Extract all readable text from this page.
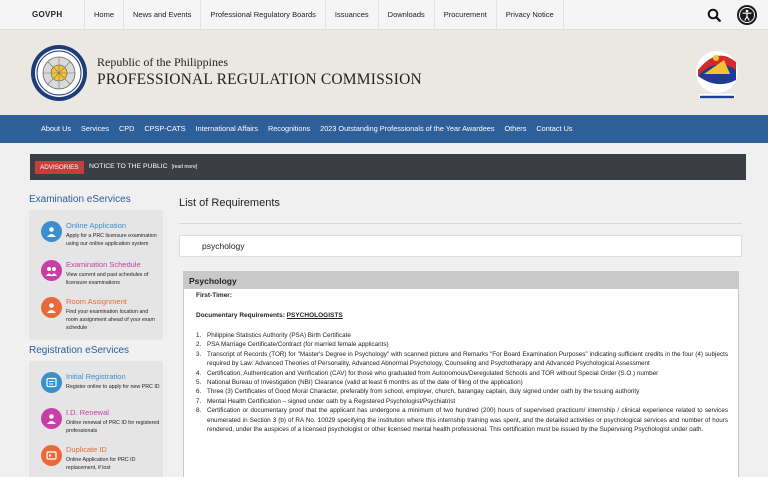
GOVPH	Home	News and Events	Professional Regulatory Boards	Issuances	Downloads	Procurement	Privacy Notice
Republic of the Philippines
PROFESSIONAL REGULATION COMMISSION
About Us	Services	CPD	CPSP-CATS	International Affairs	Recognitions	2023 Outstanding Professionals of the Year Awardees	Others	Contact Us
ADVISORIES	NOTICE TO THE PUBLIC [read more]
Examination eServices
Online Application
Apply for a PRC licensure examination using our online application system
Examination Schedule
View current and past schedules of licensure examinations
Room Assignment
Find your examination location and room assignment ahead of your exam schedule
Registration eServices
Initial Registration
Register online to apply for new PRC ID
I.D. Renewal
Online renewal of PRC ID for registered professionals
Duplicate ID
Online Application for PRC ID replacement, if lost
List of Requirements
psychology
Psychology
First-Timer:
Documentary Requirements: PSYCHOLOGISTS
1. Philippine Statistics Authority (PSA) Birth Certificate
2. PSA Marriage Certificate/Contract (for married female applicants)
3. Transcript of Records (TOR) for "Master's Degree in Psychology" with scanned picture and Remarks "For Board Examination Purposes" indicating sufficient credits in the four (4) subjects required by Law: Advanced Theories of Personality, Advanced Abnormal Psychology, Counseling and Psychotherapy and Advanced Psychological Assessment
4. Certification, Authentication and Verification (CAV) for those who graduated from Autonomous/Deregulated Schools and TOR without Special Order (S.O.) number
5. National Bureau of Investigation (NBI) Clearance (valid at least 6 months as of the date of filing of the application)
6. Three (3) Certificates of Good Moral Character, preferably from school, employer, church, barangay captain, duly signed under oath by the issuing authority
7. Mental Health Certification – signed under oath by a Registered Psychologist/Psychiatrist
8. Certification or documentary proof that the applicant has undergone a minimum of two hundred (200) hours of supervised practicum/ internship / clinical experience related to services enumerated in Section 3 (b) of RA No. 10029 specifying the institution where this internship training was spent, and the detailed activities or psychological services and number of hours rendered, under the auspices of a licensed psychologist or other licensed mental health professional. This certification must be issued by the Supervising Psychologist under oath.
